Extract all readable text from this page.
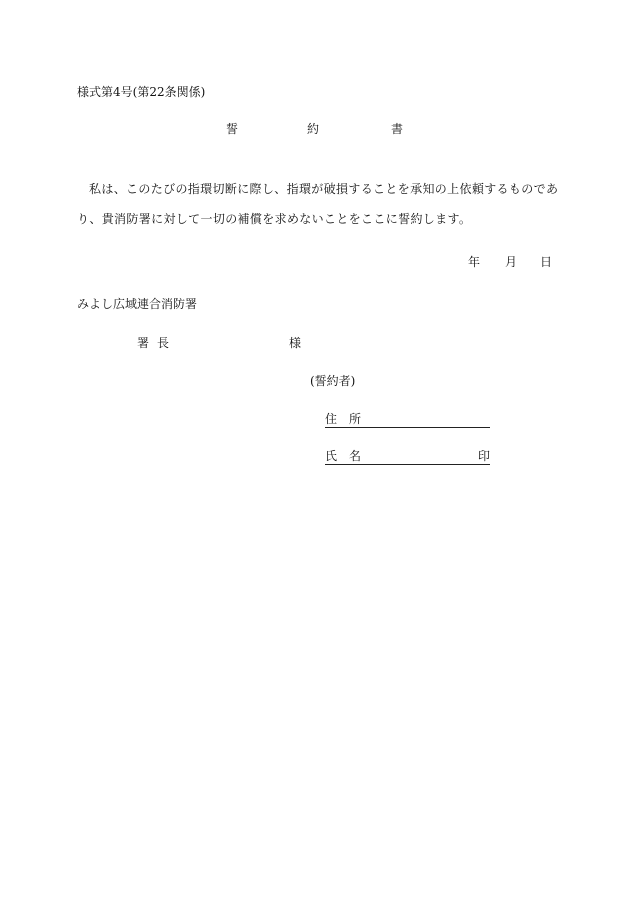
様式第4号(第22条関係)
誓	約	書
私は、このたびの指環切断に際し、指環が破損することを承知の上依頼するものであ
り、貴消防署に対して一切の補償を求めないことをここに誓約します。
年 月 日
みよし広域連合消防署
署長	様
(誓約者)
住所
氏名	印
